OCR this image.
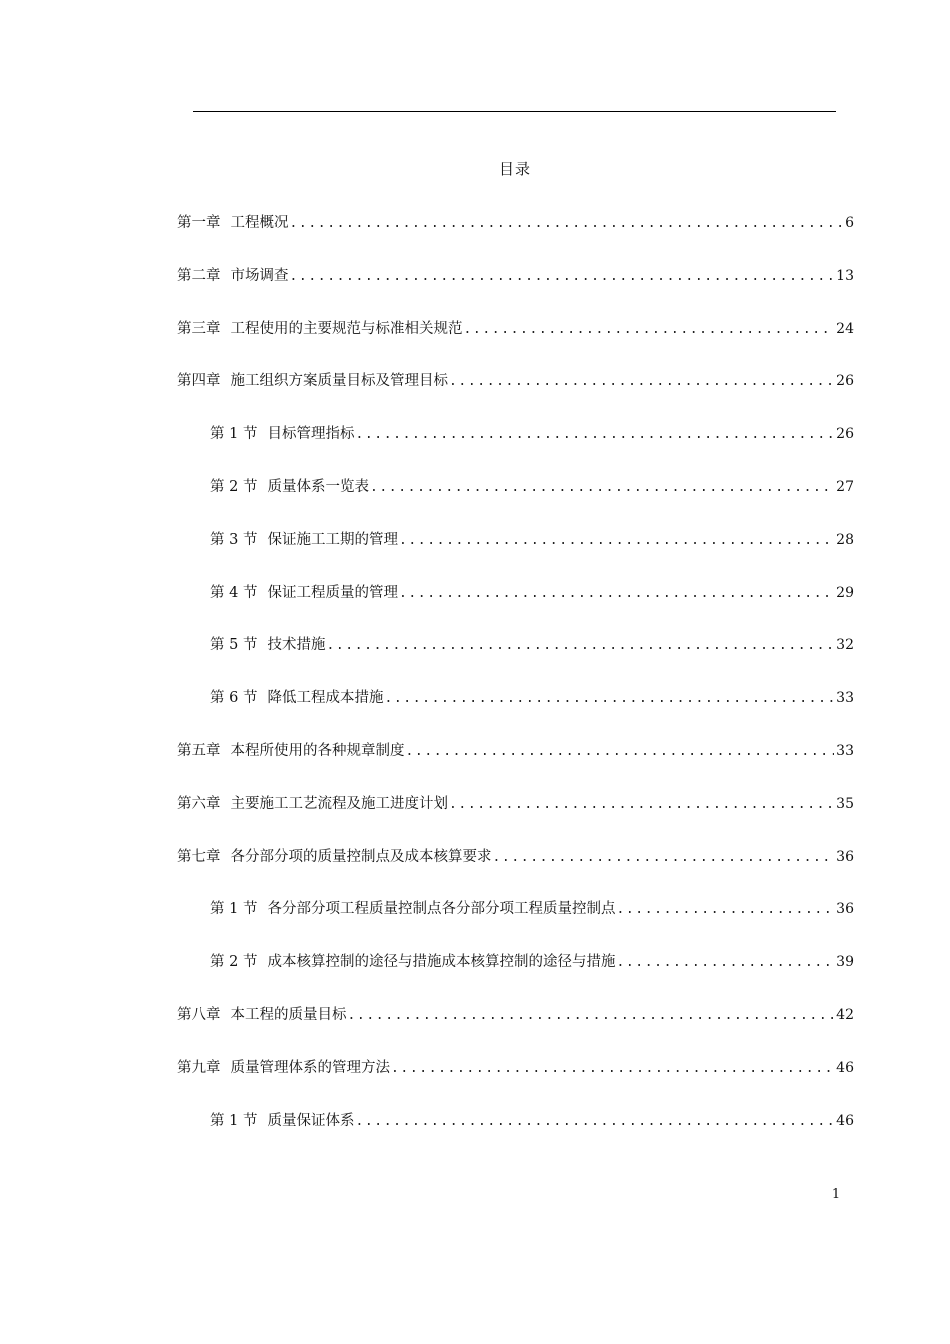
目录
第一章 工程概况 .....	6
第二章 市场调查 .....	13
第三章 工程使用的主要规范与标准相关规范 .....	24
第四章 施工组织方案质量目标及管理目标 .....	26
第 1 节 目标管理指标 .....	26
第 2 节 质量体系一览表 .....	27
第 3 节 保证施工工期的管理 .....	28
第 4 节 保证工程质量的管理 .....	29
第 5 节 技术措施 .....	32
第 6 节 降低工程成本措施 .....	33
第五章 本程所使用的各种规章制度 .....	33
第六章 主要施工工艺流程及施工进度计划 .....	35
第七章 各分部分项的质量控制点及成本核算要求 .....	36
第 1 节 各分部分项工程质量控制点各分部分项工程质量控制点 .....	36
第 2 节 成本核算控制的途径与措施成本核算控制的途径与措施 .....	39
第八章 本工程的质量目标 .....	42
第九章 质量管理体系的管理方法 .....	46
第 1 节 质量保证体系 .....	46
1
